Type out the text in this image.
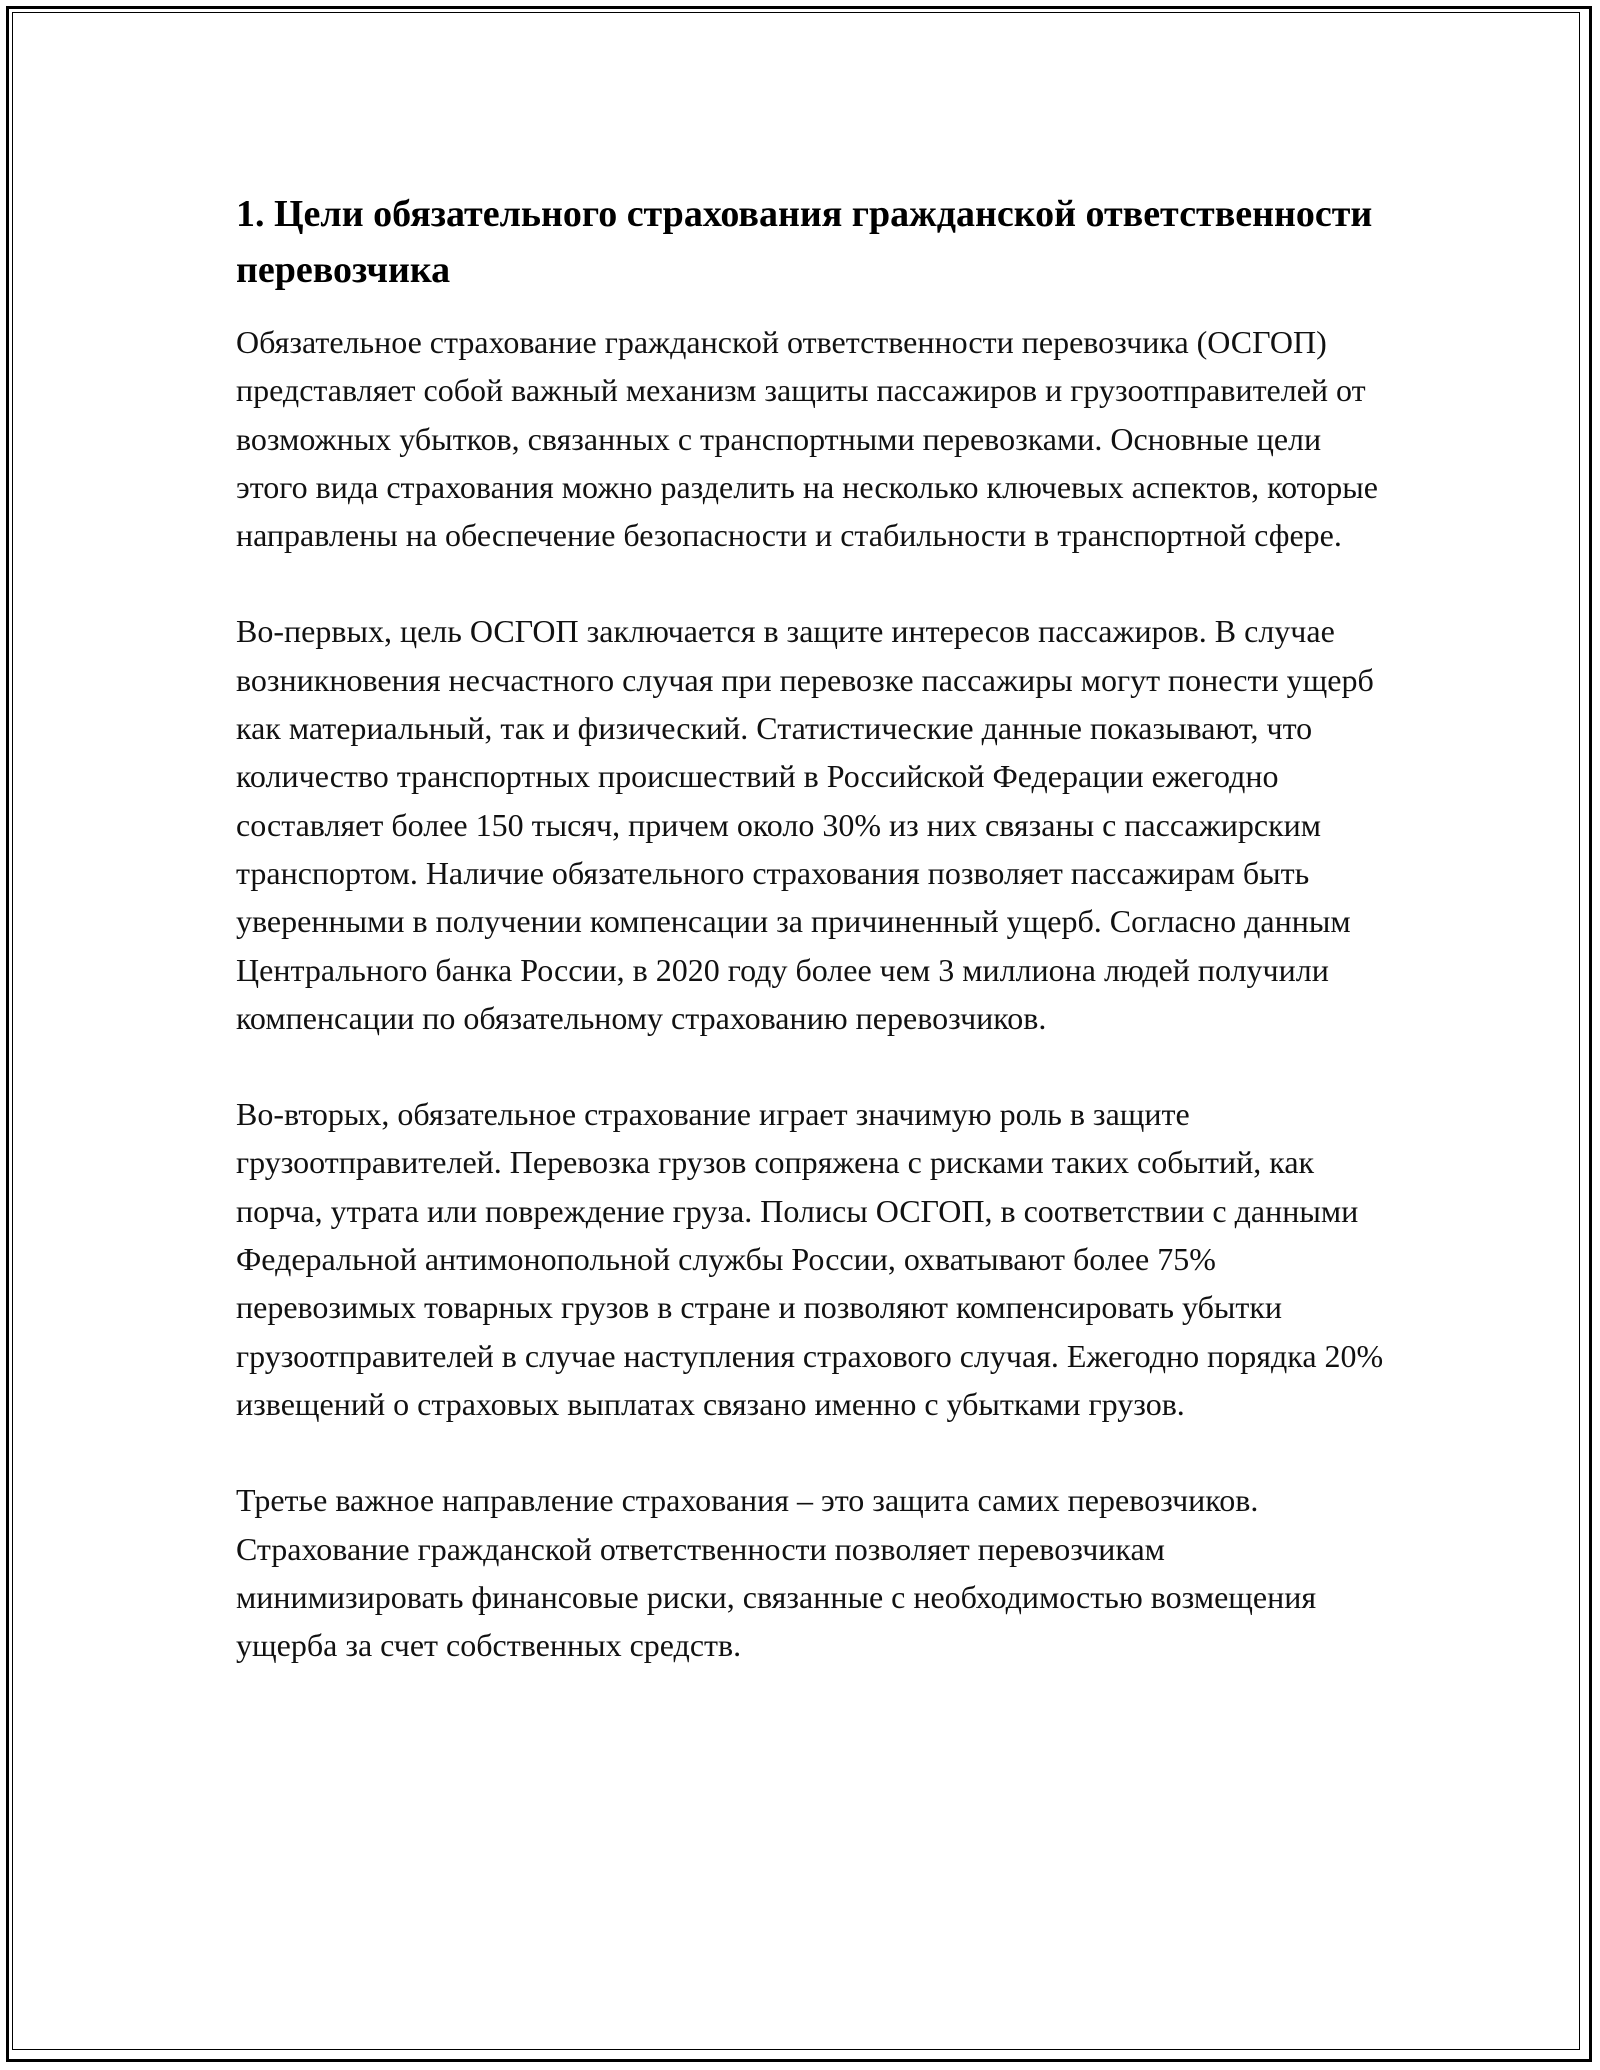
1. Цели обязательного страхования гражданской ответственности перевозчика

Обязательное страхование гражданской ответственности перевозчика (ОСГОП) представляет собой важный механизм защиты пассажиров и грузоотправителей от возможных убытков, связанных с транспортными перевозками. Основные цели этого вида страхования можно разделить на несколько ключевых аспектов, которые направлены на обеспечение безопасности и стабильности в транспортной сфере.

Во-первых, цель ОСГОП заключается в защите интересов пассажиров. В случае возникновения несчастного случая при перевозке пассажиры могут понести ущерб как материальный, так и физический. Статистические данные показывают, что количество транспортных происшествий в Российской Федерации ежегодно составляет более 150 тысяч, причем около 30% из них связаны с пассажирским транспортом. Наличие обязательного страхования позволяет пассажирам быть уверенными в получении компенсации за причиненный ущерб. Согласно данным Центрального банка России, в 2020 году более чем 3 миллиона людей получили компенсации по обязательному страхованию перевозчиков.

Во-вторых, обязательное страхование играет значимую роль в защите грузоотправителей. Перевозка грузов сопряжена с рисками таких событий, как порча, утрата или повреждение груза. Полисы ОСГОП, в соответствии с данными Федеральной антимонопольной службы России, охватывают более 75% перевозимых товарных грузов в стране и позволяют компенсировать убытки грузоотправителей в случае наступления страхового случая. Ежегодно порядка 20% извещений о страховых выплатах связано именно с убытками грузов.

Третье важное направление страхования – это защита самих перевозчиков. Страхование гражданской ответственности позволяет перевозчикам минимизировать финансовые риски, связанные с необходимостью возмещения ущерба за счет собственных средств.
